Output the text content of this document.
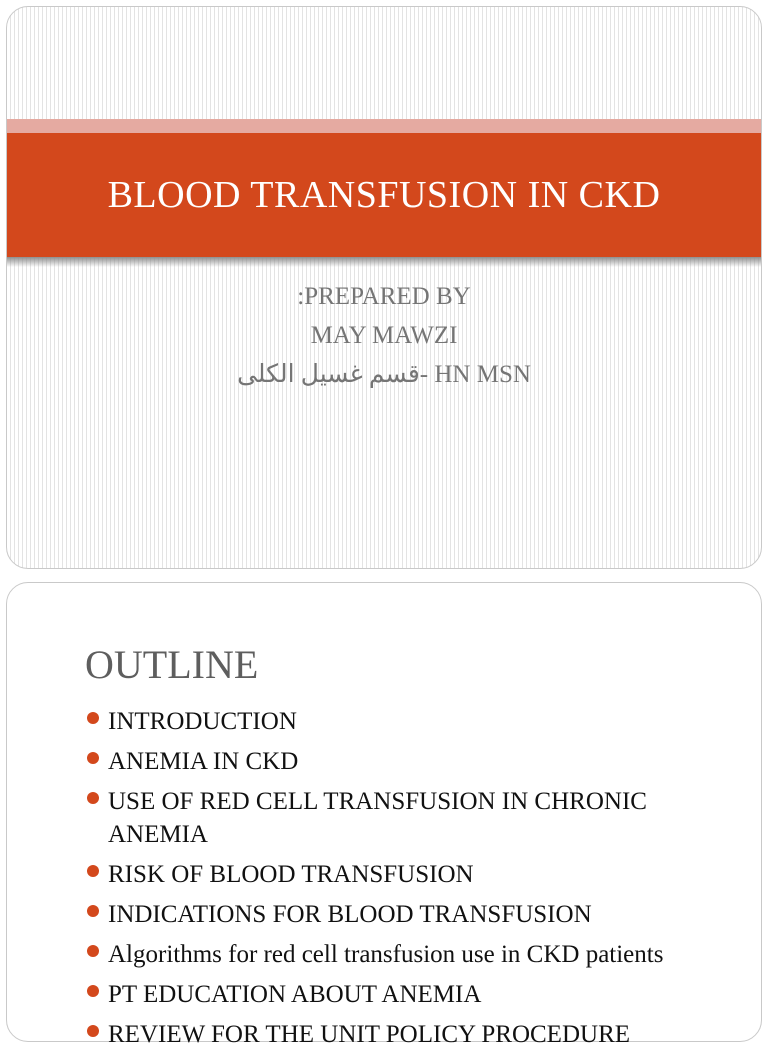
BLOOD TRANSFUSION IN CKD
:PREPARED BY
MAY MAWZI
HN MSN -قسم غسيل الكلى
OUTLINE
INTRODUCTION
ANEMIA IN CKD
USE OF RED CELL TRANSFUSION IN CHRONIC ANEMIA
RISK OF BLOOD TRANSFUSION
INDICATIONS FOR BLOOD TRANSFUSION
Algorithms for red cell transfusion use in CKD patients
PT EDUCATION ABOUT ANEMIA
REVIEW FOR THE UNIT POLICY PROCEDURE
